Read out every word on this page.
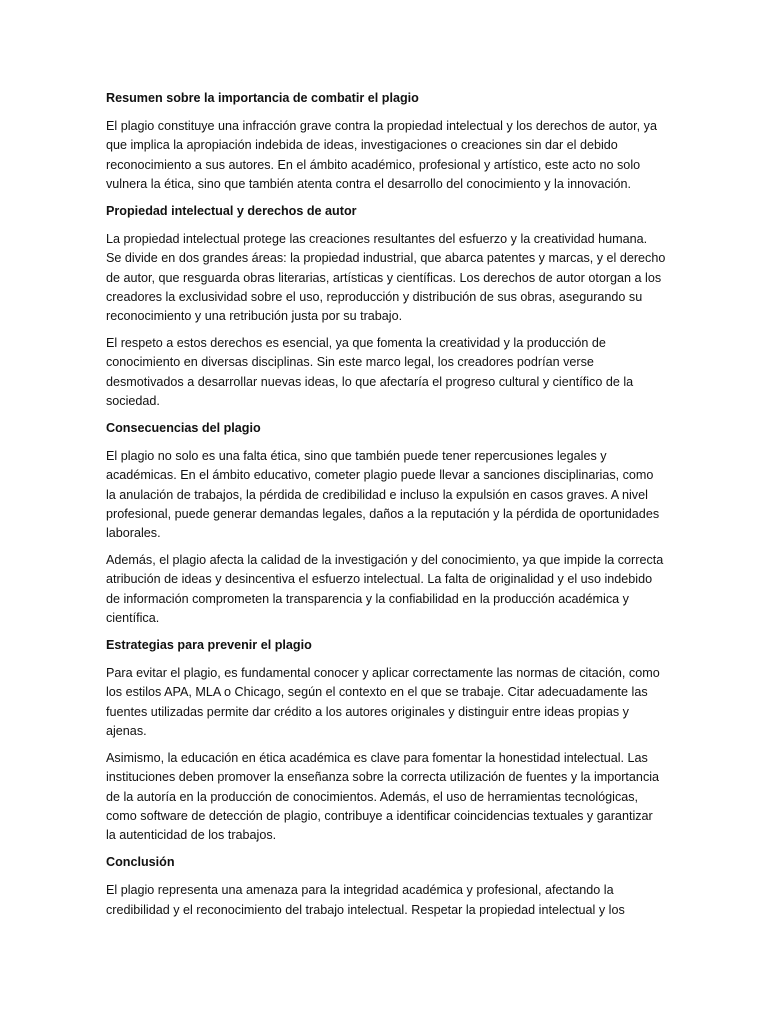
Resumen sobre la importancia de combatir el plagio

El plagio constituye una infracción grave contra la propiedad intelectual y los derechos de autor, ya que implica la apropiación indebida de ideas, investigaciones o creaciones sin dar el debido reconocimiento a sus autores. En el ámbito académico, profesional y artístico, este acto no solo vulnera la ética, sino que también atenta contra el desarrollo del conocimiento y la innovación.

Propiedad intelectual y derechos de autor

La propiedad intelectual protege las creaciones resultantes del esfuerzo y la creatividad humana. Se divide en dos grandes áreas: la propiedad industrial, que abarca patentes y marcas, y el derecho de autor, que resguarda obras literarias, artísticas y científicas. Los derechos de autor otorgan a los creadores la exclusividad sobre el uso, reproducción y distribución de sus obras, asegurando su reconocimiento y una retribución justa por su trabajo.

El respeto a estos derechos es esencial, ya que fomenta la creatividad y la producción de conocimiento en diversas disciplinas. Sin este marco legal, los creadores podrían verse desmotivados a desarrollar nuevas ideas, lo que afectaría el progreso cultural y científico de la sociedad.

Consecuencias del plagio

El plagio no solo es una falta ética, sino que también puede tener repercusiones legales y académicas. En el ámbito educativo, cometer plagio puede llevar a sanciones disciplinarias, como la anulación de trabajos, la pérdida de credibilidad e incluso la expulsión en casos graves. A nivel profesional, puede generar demandas legales, daños a la reputación y la pérdida de oportunidades laborales.

Además, el plagio afecta la calidad de la investigación y del conocimiento, ya que impide la correcta atribución de ideas y desincentiva el esfuerzo intelectual. La falta de originalidad y el uso indebido de información comprometen la transparencia y la confiabilidad en la producción académica y científica.

Estrategias para prevenir el plagio

Para evitar el plagio, es fundamental conocer y aplicar correctamente las normas de citación, como los estilos APA, MLA o Chicago, según el contexto en el que se trabaje. Citar adecuadamente las fuentes utilizadas permite dar crédito a los autores originales y distinguir entre ideas propias y ajenas.

Asimismo, la educación en ética académica es clave para fomentar la honestidad intelectual. Las instituciones deben promover la enseñanza sobre la correcta utilización de fuentes y la importancia de la autoría en la producción de conocimientos. Además, el uso de herramientas tecnológicas, como software de detección de plagio, contribuye a identificar coincidencias textuales y garantizar la autenticidad de los trabajos.

Conclusión

El plagio representa una amenaza para la integridad académica y profesional, afectando la credibilidad y el reconocimiento del trabajo intelectual. Respetar la propiedad intelectual y los
